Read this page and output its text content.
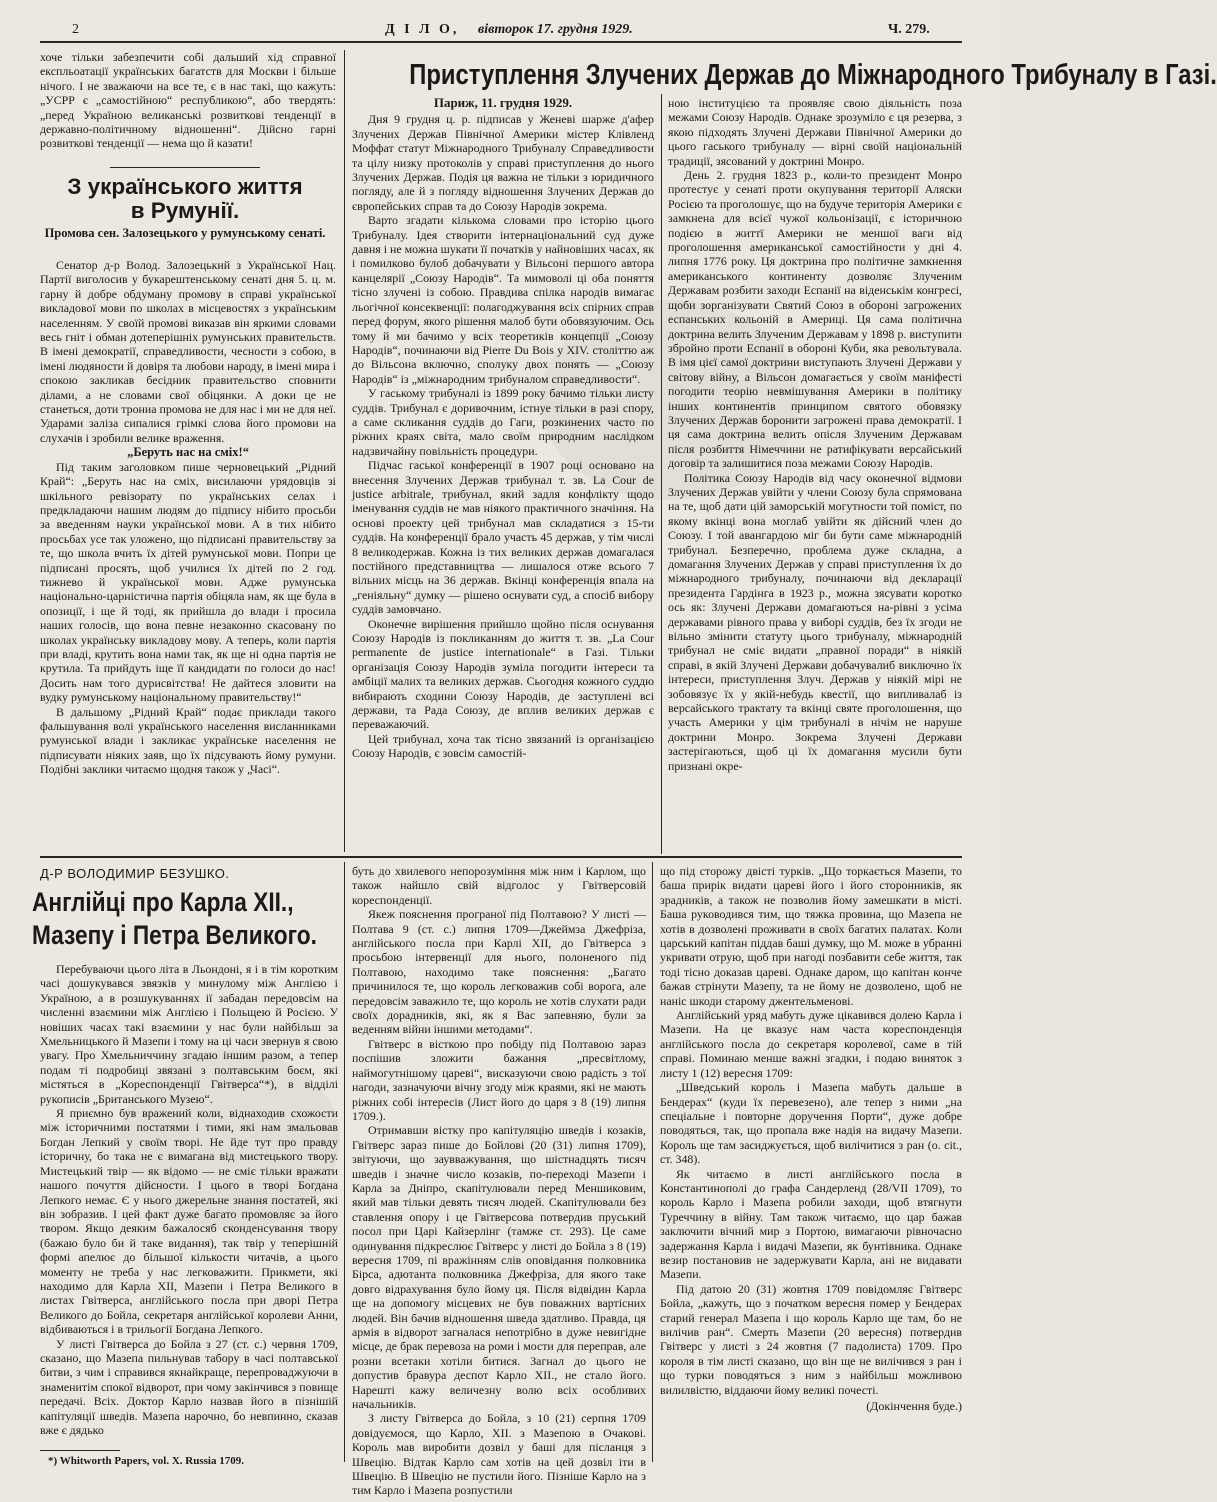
2	Д І Л О, вівторок 17. грудня 1929.	Ч. 279.

хоче тільки забезпечити собі дальший хід справної експльоатації українських багатств для Москви і більше нічого. І не зважаючи на все те, є в нас такі, що кажуть: „УСРР є „самостійною“ республикою“, або твердять: „перед Україною великанські розвиткові тенденції в державно-політичному відношенні“. Дійсно гарні розвиткові тенденції — нема що й казати!

З українського життя
в Румунії.
Промова сен. Залозецького у румунському сенаті.

Сенатор д-р Волод. Залозецький з Української Нац. Партії виголосив у букарештенському сенаті дня 5. ц. м. гарну й добре обдуману промову в справі української викладової мови по школах в місцевостях з українським населенням. У своїй промові виказав він яркими словами весь гніт і обман дотеперішніх румунських правительств. В імені демократії, справедливости, чесности з собою, в імені людяности й довіря та любови народу, в імені мира і спокою закликав бесідник правительство сповнити ділами, а не словами свої обіцянки. А доки це не станеться, доти трониа промова не для нас і ми не для неї. Ударами заліза сипалися грімкі слова його промови на слухачів і зробили велике враження.

„Беруть нас на сміх!“

Під таким заголовком пише черновецький „Рідний Край“: „Беруть нас на сміх, висилаючи урядовців зі шкільного ревізорату по українських селах і предкладаючи нашим людям до підпису нібито просьби за введенням науки української мови. А в тих нібито просьбах усе так уложено, що підписані правительству за те, що школа вчить їх дітей румунської мови. Попри це підписані просять, щоб училися їх дітей по 2 год. тижнево й української мови. Адже румунська національно-царністична партія обіцяла нам, як ще була в опозиції, і ще й тоді, як прийшла до влади і просила наших голосів, що вона певне незаконно скасовану по школах українську викладову мову. А теперь, коли партія при владі, крутить вона нами так, як ще ні одна партія не крутила. Та прийдуть іще її кандидати по голоси до нас! Досить нам того дурисвітства! Не дайтеся зловити на вудку румунському національному правительству!“

В дальшому „Рідний Край“ подає приклади такого фальшування волі українського населення висланниками румунської влади і закликає українське населення не підписувати ніяких заяв, що їх підсувають йому румуни. Подібні заклики читаємо щодня також у „Часі“.

Приступлення Злучених Держав до Міжнародного Трибуналу в Газі.
Париж, 11. грудня 1929.

Дня 9 грудня ц. р. підписав у Женеві шарже д'афер Злучених Держав Північної Америки містер Клівленд Моффат статут Міжнародного Трибуналу Справедливости та цілу низку протоколів у справі приступлення до нього Злучених Держав. Подія ця важна не тільки з юридичного погляду, але й з погляду відношення Злучених Держав до європейських справ та до Союзу Народів зокрема.

Варто згадати кількома словами про історію цього Трибуналу. Ідея створити інтернаціональний суд дуже давня і не можна шукати її початків у найновіших часах, як і помилково булоб добачувати у Вільсоні першого автора канцелярії „Союзу Народів“. Та мимоволі ці оба поняття тісно злучені із собою. Правдива спілка народів вимагає льогічної консеквенції: полагоджування всіх спірних справ перед форум, якого рішення малоб бути обовязуючим. Ось тому й ми бачимо у всіх теоретиків концепції „Союзу Народів“, починаючи від Pierre Du Bois у XIV. століттю аж до Вільсона включно, сполуку двох понять — „Союзу Народів“ із „міжнародним трибуналом справедливости“.

У гаському трибуналі із 1899 року бачимо тільки листу суддів. Трибунал є доривочним, істнуе тільки в разі спору, а саме скликання суддів до Гаги, розкинених часто по ріжних краях світа, мало своїм природним наслідком надзвичайну повільність процедури.

Підчас гаської конференції в 1907 році основано на внесення Злучених Держав трибунал т. зв. La Cour de justice arbitrale, трибунал, який задля конфлікту щодо іменування суддів не мав ніякого практичного значіння. На основі проекту цей трибунал мав складатися з 15-ти суддів. На конференції брало участь 45 держав, у тім числі 8 великодержав. Кожна із тих великих держав домагалася постійного представництва — лишалося отже всього 7 вільних місць на 36 держав. Вкінці конференція впала на „геніяльну“ думку — рішено оснувати суд, а спосіб вибору суддів замовчано.

Оконечне вирішення прийшло щойно після оснування Союзу Народів із покликанням до життя т. зв. „La Cour permanente de justice internationale“ в Газі. Тільки організація Союзу Народів зуміла погодити інтереси та амбіції малих та великих держав. Сьогодня кожного суддю вибирають сходини Союзу Народів, де заступлені всі держави, та Рада Союзу, де вплив великих держав є переважаючий.

Цей трибунал, хоча так тісно звязаний із організацією Союзу Народів, є зовсім самостій-

ною інституцією та проявляє свою діяльність поза межами Союзу Народів. Однаке зрозуміло є ця резерва, з якою підходять Злучені Держави Північної Америки до цього гаського трибуналу — вірні своїй національній традиції, зясований у доктрині Монро.

День 2. грудня 1823 р., коли-то президент Монро протестує у сенаті проти окупування території Аляски Росією та проголошує, що на будуче територія Америки є замкнена для всієї чужої кольонізації, є історичною подією в життї Америки не меншої ваги від проголошення американської самостійности у дні 4. липня 1776 року. Ця доктрина про політичне замкнення американського континенту дозволяє Злученим Державам розбити заходи Еспанії на віденськім конгресі, щоби зорганізувати Святий Союз в обороні загрожених еспанських кольоній в Америці. Ця сама політична доктрина велить Злученим Державам у 1898 р. виступити збройно проти Еспанії в обороні Куби, яка револьтувала. В імя цієї самої доктрини виступають Злучені Держави у світову війну, а Вільсон домагається у своїм маніфесті погодити теорію невмішування Америки в політику інших континентів принципом святого обовязку Злучених Держав боронити загрожені права демократії. І ця сама доктрина велить опісля Злученим Державам після розбиття Німеччини не ратифікувати версайський договір та залишитися поза межами Союзу Народів.

Політика Союзу Народів від часу оконечної відмови Злучених Держав увійти у члени Союзу була спрямована на те, щоб дати цій заморській могутности той поміст, по якому вкінці вона моглаб увійти як дійсний член до Союзу. І той авангардою міг би бути саме міжнародній трибунал. Безперечно, проблема дуже складна, а домагання Злучених Держав у справі приступлення їх до міжнародного трибуналу, починаючи від декларації президента Гардінга в 1923 р., можна зясувати коротко ось як: Злучені Держави домагаються на-рівні з усіма державами рівного права у виборі суддів, без їх згоди не вільно змінити статуту цього трибуналу, міжнародній трибунал не сміє видати „правної поради“ в ніякій справі, в якій Злучені Держави добачувалиб виключно їх інтереси, приступлення Злуч. Держав у ніякій мірі не зобовязує їх у якій-небудь квестії, що випливалаб із версайського трактату та вкінці святе проголошення, що участь Америки у цім трибуналі в нічім не наруше доктрини Монро. Зокрема Злучені Держави застерігаються, щоб ці їх домагання мусили бути признані окре-

Д-Р ВОЛОДИМИР БЕЗУШКО.
Англійці про Карла XII.,
Мазепу і Петра Великого.

Перебуваючи цього літа в Льондоні, я і в тім коротким часі дошукувався звязків у минулому між Англією і Україною, а в розшукуваннях ії забадан передовсім на численні взаємини між Англією і Польщею й Росією. У новіших часах такі взаємини у нас були найбільш за Хмельницького й Мазепи і тому на ці часи звернув я свою увагу. Про Хмельниччину згадаю іншим разом, а тепер подам ті подробиці звязані з полтавським боєм, які містяться в „Кореспонденції Гвітверса“*), в відділі рукописів „Британського Музею“.

Я приємно був вражений коли, віднаходив схожости між історичними постатями і тими, які нам змальовав Богдан Лепкий у своїм творі. Не йде тут про правду історичну, бо така не є вимагана від мистецького твору. Мистецький твір — як відомо — не сміє тільки вражати нашого почуття дійсности. І цього в творі Богдана Лепкого немає. Є у нього джерельне знання постатей, які він зобразив. І цей факт дуже багато промовляє за його твором. Якщо деяким бажалосяб сконденсування твору (бажаю було би й таке видання), так твір у теперішній формі апелює до більшої кількости читачів, а цього моменту не треба у нас легковажити. Прикмети, які находимо для Карла XII, Мазепи і Петра Великого в листах Гвітверса, англійського посла при дворі Петра Великого до Бойла, секретаря англійської королеви Анни, відбиваються і в трильогії Богдана Лепкого.

У листі Гвітверса до Бойла з 27 (ст. с.) червня 1709, сказано, що Мазепа пильнував табору в часі полтавської битви, з чим і справився якнайкраще, перепроваджуючи в знаменитім спокої відворот, при чому закінчився з повище передачі. Всіх. Доктор Карло назвав його в пізнішій капітуляції шведів. Мазепа нарочно, бо невпинно, сказав вже є дядько

*) Whitworth Papers, vol. X. Russia 1709.

буть до хвилевого непорозуміння між ним і Карлом, що також найшло свій відголос у Гвітверсовій кореспонденції.

Якеж пояснення програної під Полтавою? У листі — Полтава 9 (ст. с.) липня 1709—Джеймза Джефріза, англійського посла при Карлі XII, до Гвітверса з просьбою інтервенції для нього, полоненого під Полтавою, находимо таке пояснення: „Багато причинилося те, що король легковажив собі ворога, але передовсім заважило те, що король не хотів слухати ради своїх дорадників, які, як я Вас запевняю, були за веденням війни іншими методами“.

Гвітверс в вісткою про побіду під Полтавою зараз поспішив зложити бажання „пресвітлому, наймогутнішому цареві“, висказуючи свою радість з тої нагоди, зазначуючи вічну згоду між краями, які не мають ріжних собі інтересів (Лист його до царя з 8 (19) липня 1709.).

Отримавши вістку про капітуляцію шведів і козаків, Гвітверс зараз пише до Бойлові (20 (31) липня 1709), звітуючи, що заувважування, що шістнадцять тисяч шведів і значне число козаків, по-переході Мазепи і Карла за Дніпро, скапітулювали перед Меншиковим, який мав тільки девять тисяч людей. Скапітулювали без ставлення опору і це Гвітверсова потвердив пруський посол при Царі Кайзерлінг (тамже ст. 293). Це саме одинування підкреслює Гвітверс у листі до Бойла з 8 (19) вересня 1709, пі вражінням слів оповідання полковника Бірса, адютанта полковника Джефріза, для якого таке довго відрахування було йому ця. Після відвідин Карла ще на допомогу місцевих не був поважних вартісних людей. Він бачив відношення шведа здатливо. Правда, ця армія в відворот загналася непотрібно в дуже невигідне місце, де брак перевоза на роми і мости для переправ, але розни всетаки хотіли битися. Загнал до цього не допустив бравура деспот Карло XII., не стало його. Нарешті кажу величезну волю всіх особливих начальників.

З листу Гвітверса до Бойла, з 10 (21) серпня 1709 довідуємося, що Карло, XII. з Мазепою в Очакові. Король мав виробити дозвіл у баші для післанця з Швецію. Відтак Карло сам хотів на цей дозвіл іти в Швецію. В Швецію не пустили його. Пізніше Карло на з тим Карло і Мазепа розпустили

що під сторожу двісті турків. „Що торкається Мазепи, то баша прирік видати цареві його і його сторонників, як зрадників, а також не позволив йому замешкати в місті. Баша руководився тим, що тяжка провина, що Мазепа не хотів в дозволені проживати в своїх багатих палатах. Коли царський капітан піддав баші думку, що М. може в убранні укривати отрую, щоб при нагоді позбавити себе життя, так тоді тісно доказав цареві. Однаке даром, що капітан конче бажав стрінути Мазепу, та не йому не дозволено, щоб не наніс шкоди старому джентельменові.

Англійський уряд мабуть дуже цікавився долею Карла і Мазепи. На це вказує нам часта кореспонденція англійського посла до секретаря королевої, саме в тій справі. Поминаю менше важні згадки, і подаю виняток з листу 1 (12) вересня 1709:

„Шведський король і Мазепа мабуть дальше в Бендерах“ (куди їх перевезено), але тепер з ними „на спеціальне і повторне доручення Порти“, дуже добре поводяться, так, що пропала вже надія на видачу Мазепи. Король ще там засиджується, щоб вилічитися з ран (о. cit., ст. 348).

Як читаємо в листі англійського посла в Константинополі до графа Сандерленд (28/VII 1709), то король Карло і Мазепа робили заходи, щоб втягнути Туреччину в війну. Там також читаємо, що цар бажав заключити вічний мир з Портою, вимагаючи рівночасно задержання Карла і видачі Мазепи, як бунтівника. Однаке везир постановив не задержувати Карла, ані не видавати Мазепи.

Під датою 20 (31) жовтня 1709 повідомляє Гвітверс Бойла, „кажуть, що з початком вересня помер у Бендерах старий генерал Мазепа і що король Карло ще там, бо не вилічив ран“. Смерть Мазепи (20 вересня) потвердив Гвітверс у листі з 24 жовтня (7 падолиста) 1709. Про короля в тім листі сказано, що він ще не вилічився з ран і що турки поводяться з ним з найбільш можливою вилилвістю, віддаючи йому великі почесті.

(Докінчення буде.)
